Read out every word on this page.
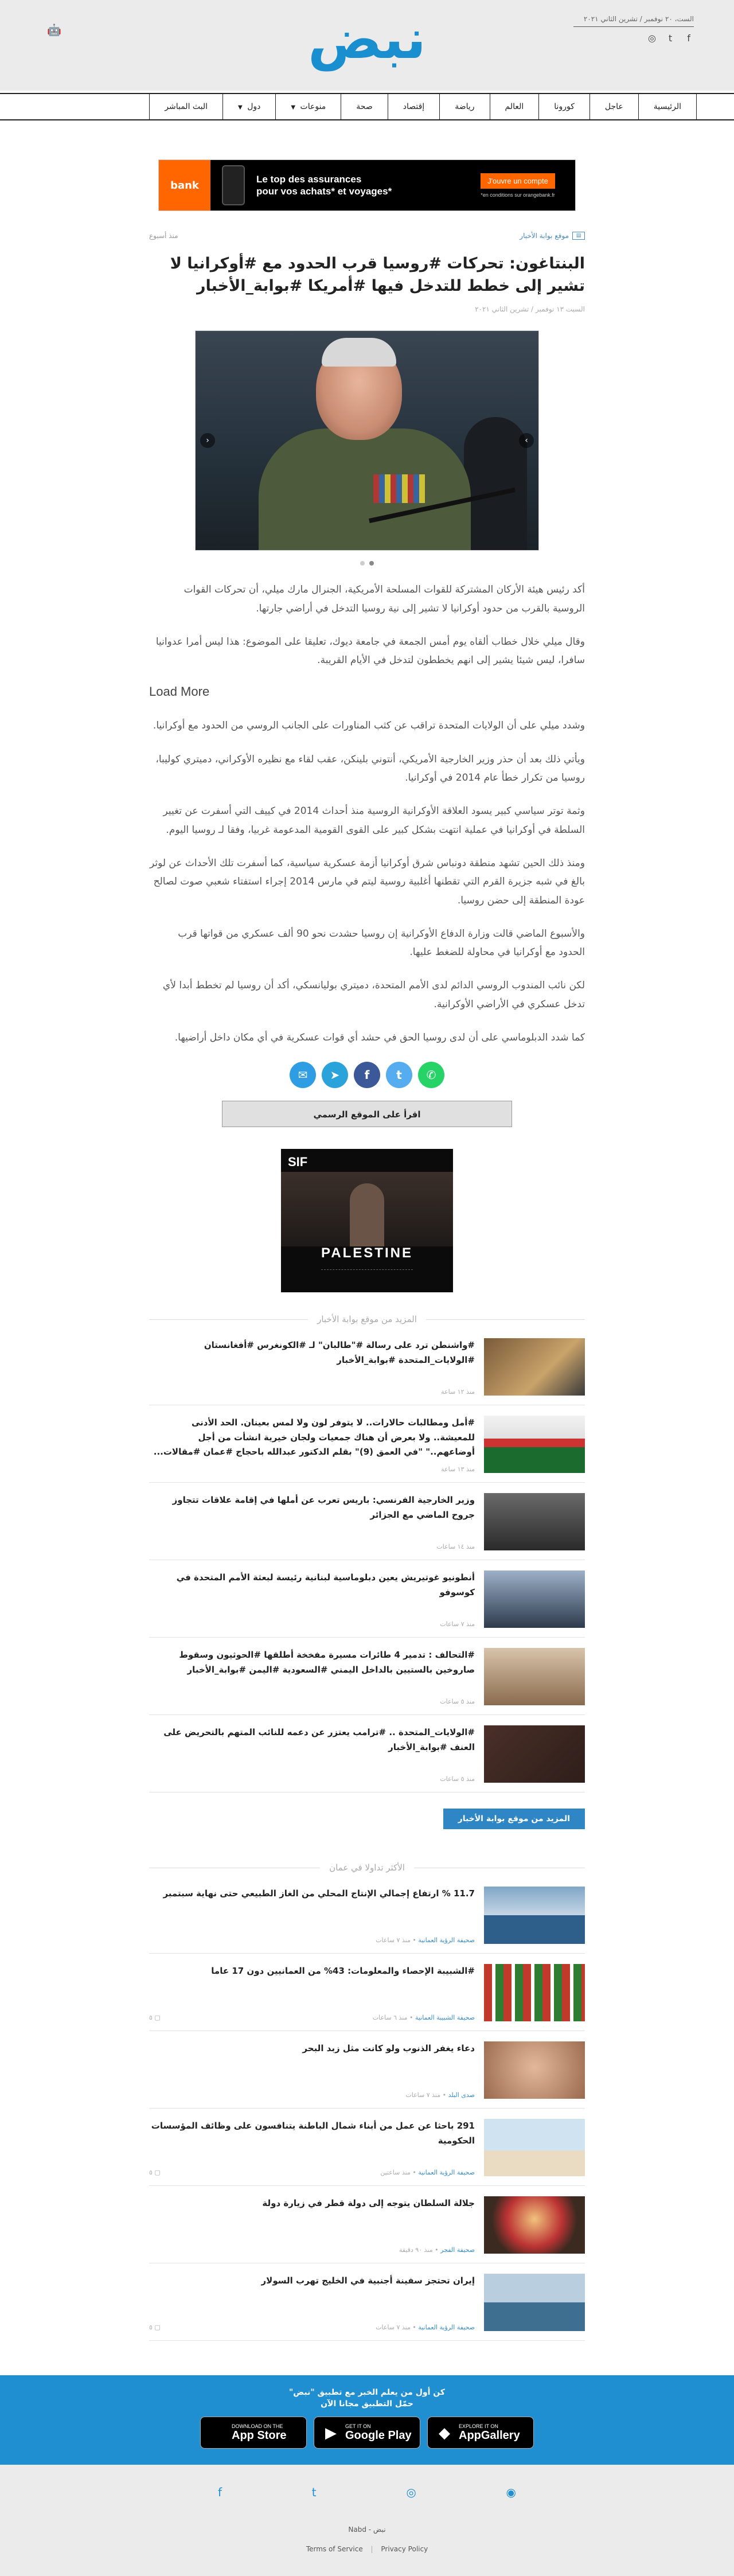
الست، ٢٠ نوفمبر / تشرين الثاني ٢٠٢١
f
t
◎
نبض
🤖
الرئيسية
عاجل
كورونا
العالم
رياضة
إقتصاد
صحة
منوعات ▼
دول ▼
البث المباشر
bank
Le top des assurances
pour vos achats* et voyages*
J'ouvre un compte
*en conditions sur orangebank.fr
▤
موقع بوابة الأخبار
منذ أسبوع
البنتاغون: تحركات #روسيا قرب الحدود مع #أوكرانيا لا تشير إلى خطط للتدخل فيها #أمريكا #بوابة_الأخبار
السبت ١٣ نوفمبر / تشرين الثاني ٢٠٢١
›
‹

أكد رئيس هيئة الأركان المشتركة للقوات المسلحة الأمريكية، الجنرال مارك ميلي، أن تحركات القوات الروسية بالقرب من حدود أوكرانيا لا تشير إلى نية روسيا التدخل في أراضي جارتها.

وقال ميلي خلال خطاب ألقاه يوم أمس الجمعة في جامعة ديوك، تعليقا على الموضوع: هذا ليس أمرا عدوانيا سافرا، ليس شيئا يشير إلى انهم يخططون لتدخل في الأيام القريبة.

Load More

وشدد ميلي على أن الولايات المتحدة تراقب عن كثب المناورات على الجانب الروسي من الحدود مع أوكرانيا.

ويأتي ذلك بعد أن حذر وزير الخارجية الأمريكي، أنتوني بلينكن، عقب لقاء مع نظيره الأوكراني، دميتري كوليبا، روسيا من تكرار خطأ عام 2014 في أوكرانيا.

وثمة توتر سياسي كبير يسود العلاقة الأوكرانية الروسية منذ أحداث 2014 في كييف التي أسفرت عن تغيير السلطة في أوكرانيا في عملية انتهت بشكل كبير على القوى القومية المدعومة غربيا، وفقا لـ روسيا اليوم.

ومنذ ذلك الحين تشهد منطقة دونباس شرق أوكرانيا أزمة عسكرية سياسية، كما أسفرت تلك الأحداث عن لوثر بالغ في شبه جزيرة القرم التي تقطنها أغلبية روسية ليتم في مارس 2014 إجراء استفتاء شعبي صوت لصالح عودة المنطقة إلى حضن روسيا.

والأسبوع الماضي قالت وزارة الدفاع الأوكرانية إن روسيا حشدت نحو 90 ألف عسكري من قواتها قرب الحدود مع أوكرانيا في محاولة للضغط عليها.

لكن نائب المندوب الروسي الدائم لدى الأمم المتحدة، دميتري بوليانسكي، أكد أن روسيا لم تخطط أبدا لأي تدخل عسكري في الأراضي الأوكرانية.

كما شدد الدبلوماسي على أن لدى روسيا الحق في حشد أي قوات عسكرية في أي مكان داخل أراضيها.

✉	➤	f	t	✆
اقرأ على الموقع الرسمي
SIF
PALESTINE
المزيد من موقع بوابة الأخبار
#واشنطن ترد على رسالة #"طالبان" لـ #الكونغرس #أفغانستان #الولايات_المتحدة #بوابة_الأخبار
منذ ١٢ ساعة
#أمل ومطالبات حالارات.. لا يتوفر لون ولا لمس بعينان. الحد الأدنى للمعيشة.. ولا بعرض أن هناك جمعيات ولجان خيرية انشأت من أجل أوضاعهم.." "في العمق (9)" بقلم الدكتور عبدالله باحجاج #عمان #مقالات...
منذ ١٣ ساعة
وزير الخارجية الفرنسي: باريس تعرب عن أملها في إقامة علاقات تتجاوز جروح الماضي مع الجزائر
منذ ١٤ ساعات
أنطونيو غوتيريش يعين دبلوماسية لبنانية رئيسة لبعثة الأمم المتحدة في كوسوفو
منذ ٧ ساعات
#التحالف : تدمير 4 طائرات مسيرة مفخخة أطلقها #الحوثيون وسقوط صاروخين بالستيين بالداخل اليمني #السعودية #اليمن #بوابة_الأخبار
منذ ٥ ساعات
#الولايات_المتحدة .. #ترامب يعتزر عن دعمه للنائب المتهم بالتحريض على العنف #بوابة_الأخبار
منذ ٥ ساعات
المزيد من موقع بوابة الأخبار
الأكثر تداولا في عمان
11.7 % ارتفاع إجمالي الإنتاج المحلي من الغاز الطبيعي حتى نهاية سبتمبر
صحيفة الرؤية العمانية • منذ ٧ ساعات
#الشبيبة الإحصاء والمعلومات: 43% من العمانيين دون 17 عاما
صحيفة الشبيبة العمانية • منذ ٦ ساعات
▢ ٥
دعاء يغفر الذنوب ولو كانت مثل زبد البحر
صدى البلد • منذ ٧ ساعات
291 باحثا عن عمل من أبناء شمال الباطنة يتنافسون على وظائف المؤسسات الحكومية
صحيفة الرؤية العمانية • منذ ساعتين
▢ ٥
جلالة السلطان يتوجه إلى دولة قطر في زيارة دولة
صحيفة الفجر • منذ ٩٠ دقيقة
إيران تحتجز سفينة أجنبية في الخليج تهرب السولار
صحيفة الرؤية العمانية • منذ ٧ ساعات
▢ ٥
كن أول من يعلم الخبر مع تطبيق "نبض"
حمّل التطبيق مجانا الآن
DOWNLOAD ON THE
App Store	▶	GET IT ON
Google Play ◆	EXPLORE IT ON
AppGallery
f	t	◎	◉
Nabd - نبض
Terms of Service | Privacy Policy
